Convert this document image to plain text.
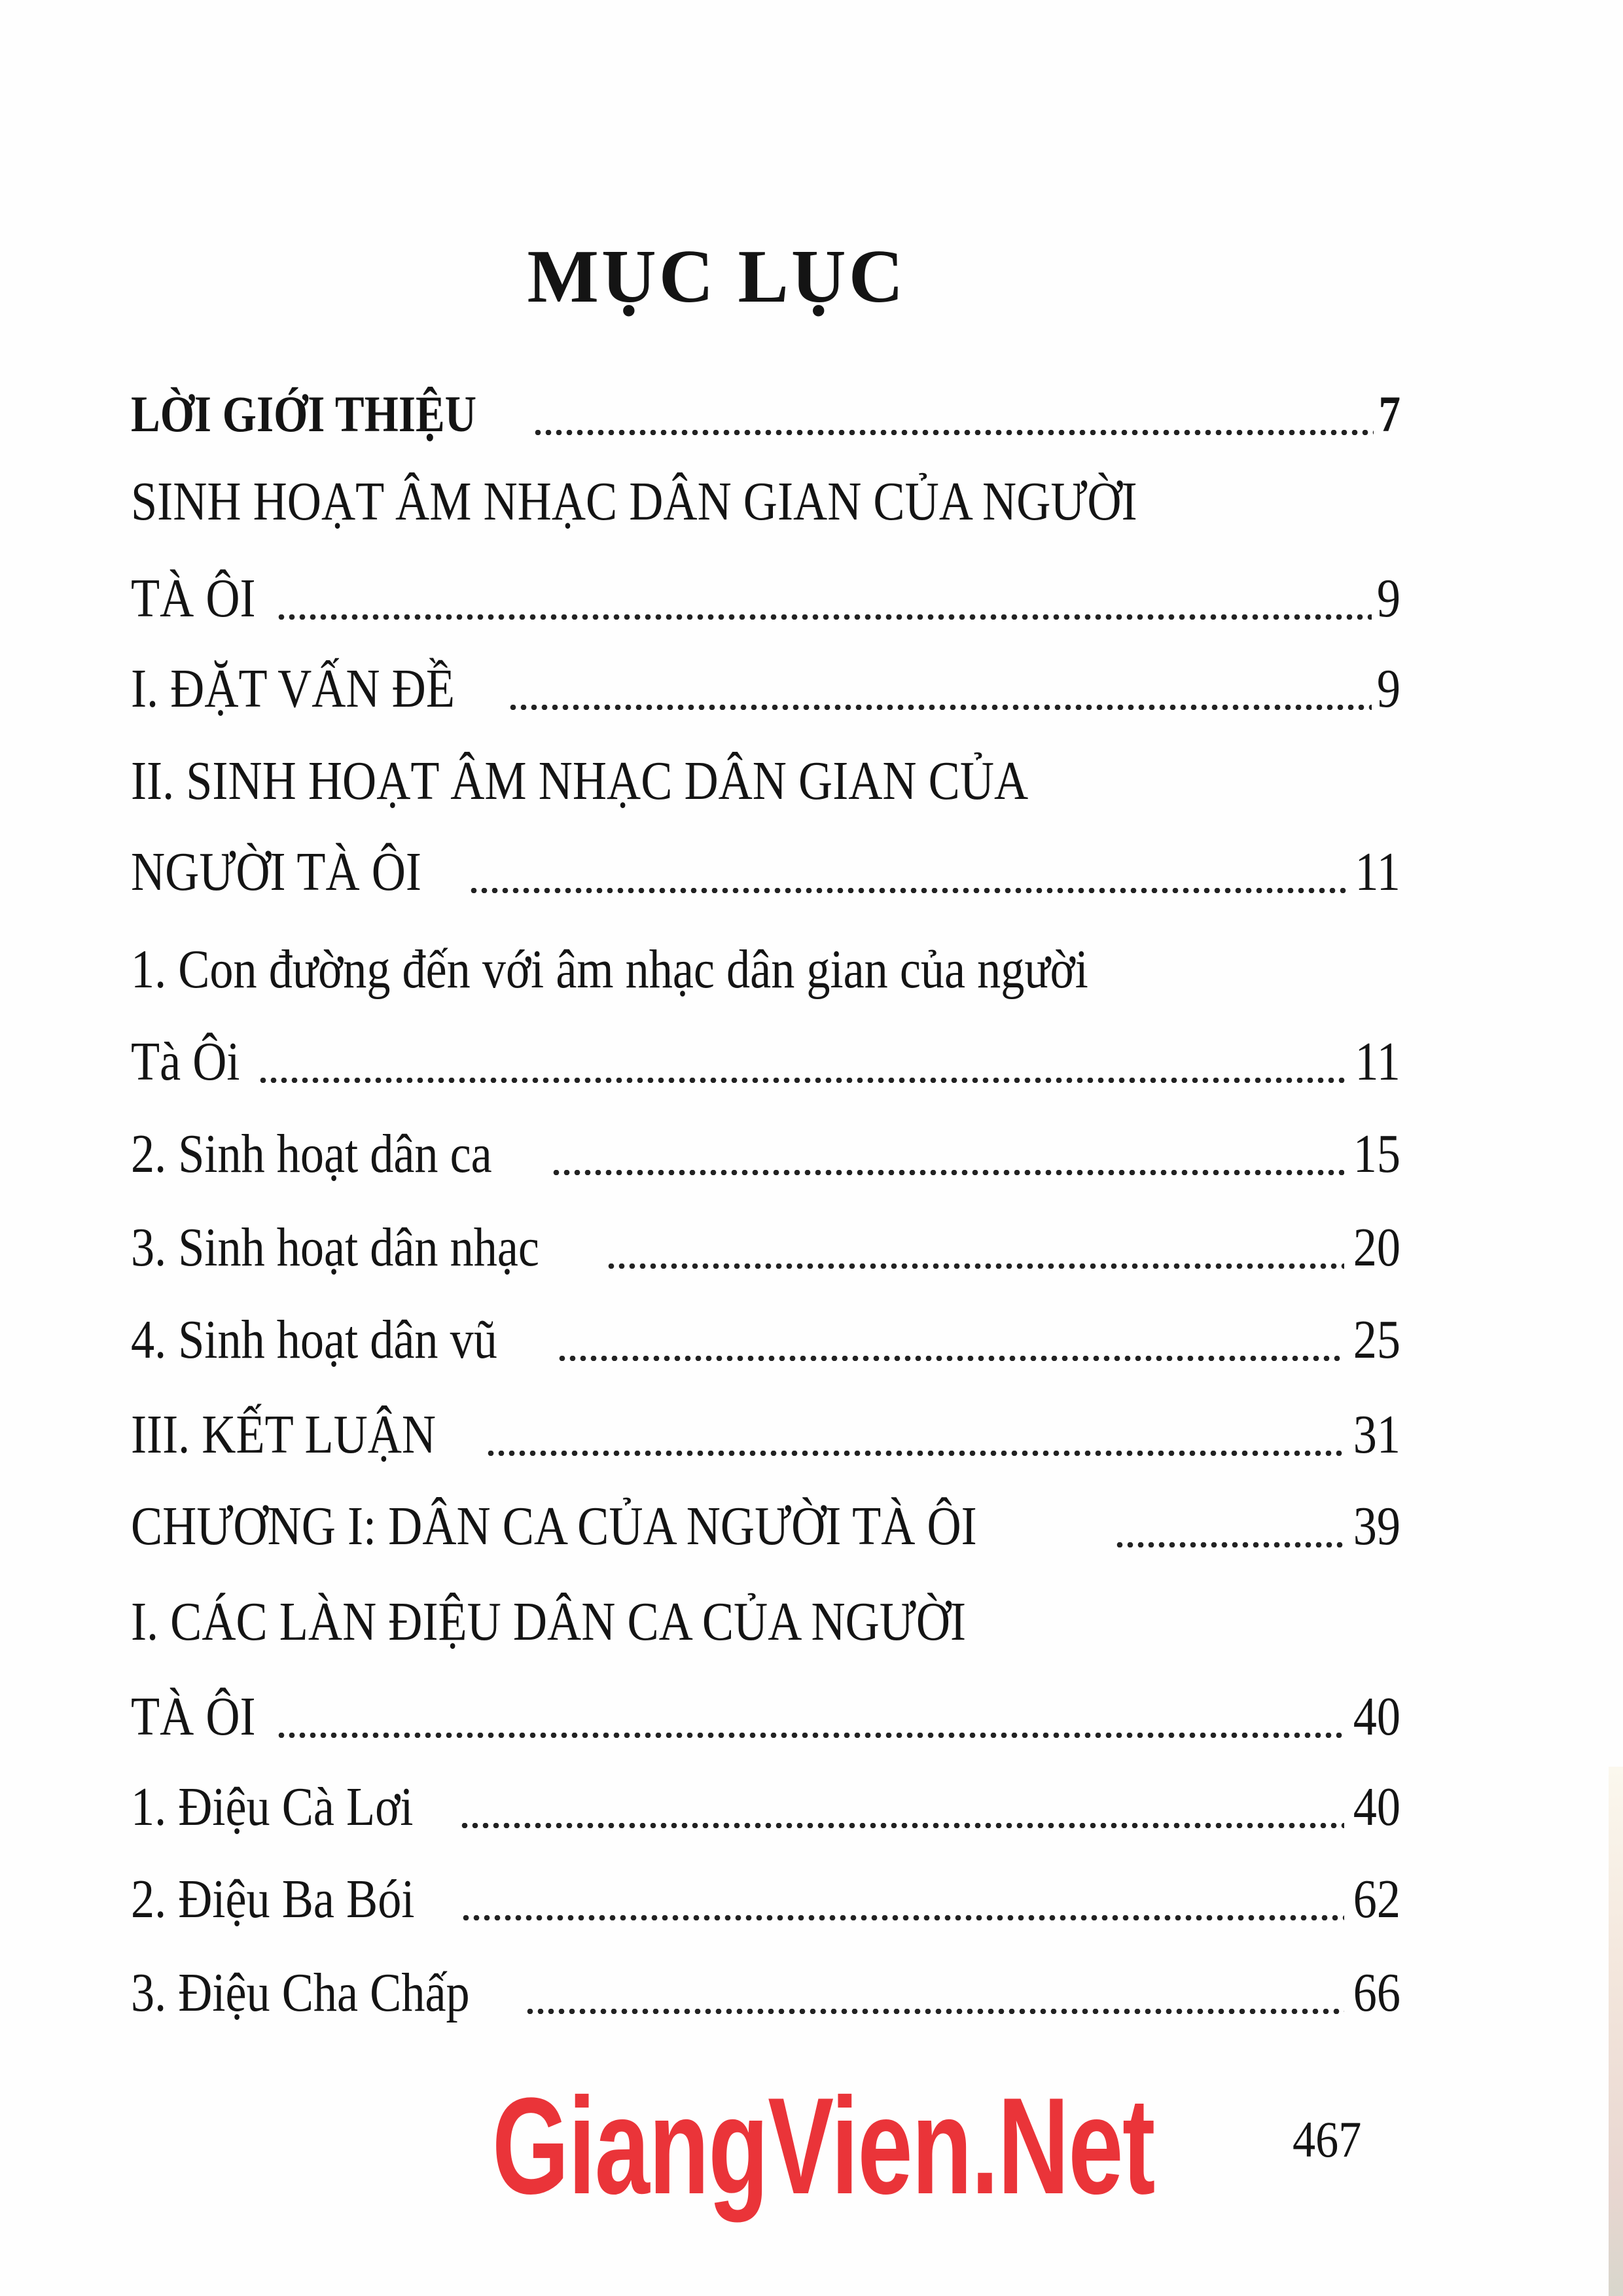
MỤC LỤC
LỜI GIỚI THIỆU	7
SINH HOẠT ÂM NHẠC DÂN GIAN CỦA NGƯỜI
TÀ ÔI	9
I. ĐẶT VẤN ĐỀ	9
II. SINH HOẠT ÂM NHẠC DÂN GIAN CỦA
NGƯỜI TÀ ÔI	11
1. Con đường đến với âm nhạc dân gian của người
Tà Ôi	11
2. Sinh hoạt dân ca	15
3. Sinh hoạt dân nhạc	20
4. Sinh hoạt dân vũ	25
III. KẾT LUẬN	31
CHƯƠNG I: DÂN CA CỦA NGƯỜI TÀ ÔI	39
I. CÁC LÀN ĐIỆU DÂN CA CỦA NGƯỜI
TÀ ÔI	40
1. Điệu Cà Lơi	40
2. Điệu Ba Bói	62
3. Điệu Cha Chấp	66
GiangVien.Net	467
